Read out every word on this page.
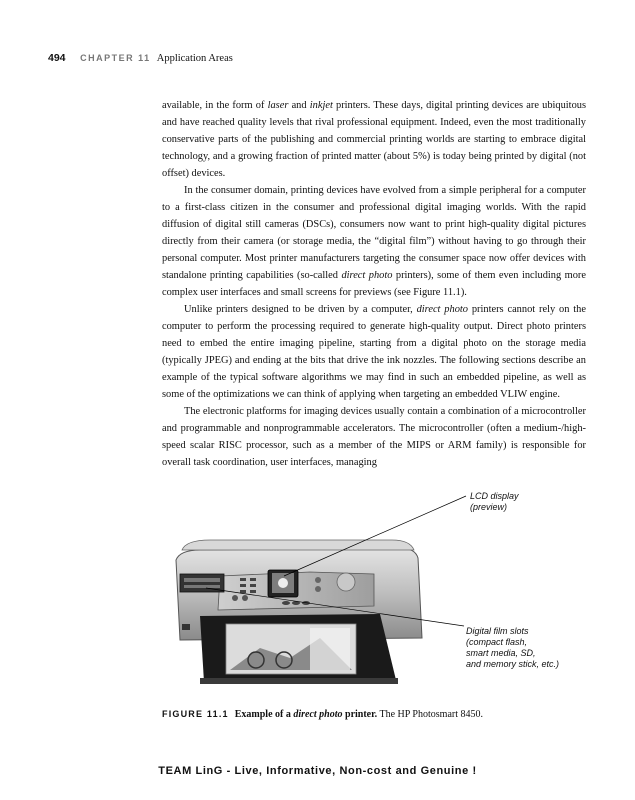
494 CHAPTER 11 Application Areas

available, in the form of laser and inkjet printers. These days, digital printing devices are ubiquitous and have reached quality levels that rival professional equipment. Indeed, even the most traditionally conservative parts of the publishing and commercial printing worlds are starting to embrace digital technology, and a growing fraction of printed matter (about 5%) is today being printed by digital (not offset) devices.

In the consumer domain, printing devices have evolved from a simple peripheral for a computer to a first-class citizen in the consumer and professional digital imaging worlds. With the rapid diffusion of digital still cameras (DSCs), consumers now want to print high-quality digital pictures directly from their camera (or storage media, the “digital film”) without having to go through their personal computer. Most printer manufacturers targeting the consumer space now offer devices with standalone printing capabilities (so-called direct photo printers), some of them even including more complex user interfaces and small screens for previews (see Figure 11.1).

Unlike printers designed to be driven by a computer, direct photo printers cannot rely on the computer to perform the processing required to generate high-quality output. Direct photo printers need to embed the entire imaging pipeline, starting from a digital photo on the storage media (typically JPEG) and ending at the bits that drive the ink nozzles. The following sections describe an example of the typical software algorithms we may find in such an embedded pipeline, as well as some of the optimizations we can think of applying when targeting an embedded VLIW engine.

The electronic platforms for imaging devices usually contain a combination of a microcontroller and programmable and nonprogrammable accelerators. The microcontroller (often a medium-/high-speed scalar RISC processor, such as a member of the MIPS or ARM family) is responsible for overall task coordination, user interfaces, managing

LCD display
(preview)
Digital film slots
(compact flash,
smart media, SD,
and memory stick, etc.)
FIGURE 11.1 Example of a direct photo printer. The HP Photosmart 8450.
TEAM LinG - Live, Informative, Non-cost and Genuine !
